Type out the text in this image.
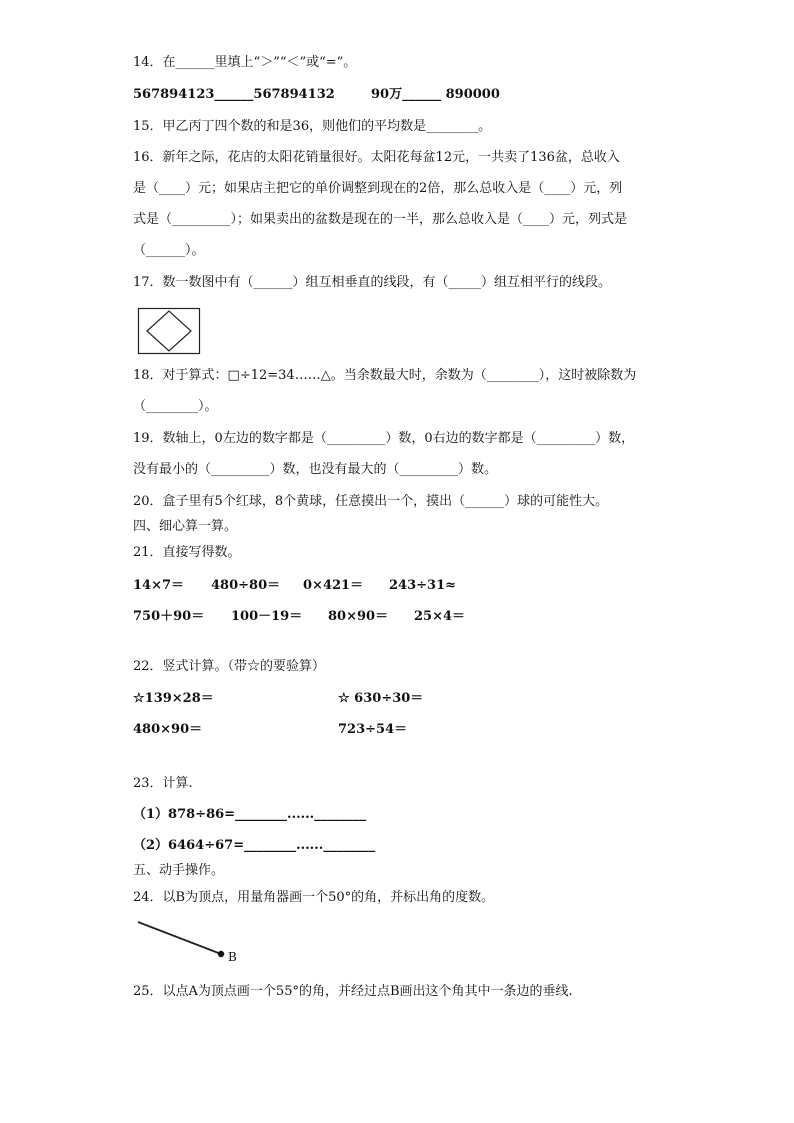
14．在______里填上“＞”“＜”或“=”。
567894123______567894132	90万______ 890000
15．甲乙丙丁四个数的和是36，则他们的平均数是________。
16．新年之际，花店的太阳花销量很好。太阳花每盆12元，一共卖了136盆，总收入
是（____）元；如果店主把它的单价调整到现在的2倍，那么总收入是（____）元，列
式是（_________）；如果卖出的盆数是现在的一半，那么总收入是（____）元，列式是
（______）。
17．数一数图中有（______）组互相垂直的线段，有（_____）组互相平行的线段。
18．对于算式：□÷12=34……△。当余数最大时，余数为（________），这时被除数为
（________）。
19．数轴上，0左边的数字都是（_________）数，0右边的数字都是（_________）数，
没有最小的（_________）数，也没有最大的（_________）数。
20．盒子里有5个红球，8个黄球，任意摸出一个，摸出（______）球的可能性大。
四、细心算一算。
21．直接写得数。
14×7＝ 480÷80＝ 0×421＝ 243÷31≈
750＋90＝ 100－19＝ 80×90＝ 25×4＝
22．竖式计算。（带☆的要验算）
☆139×28＝	☆ 630÷30＝
480×90＝	723÷54＝
23．计算.
（1）878÷86=________......________
（2）6464÷67=________......________
五、动手操作。
24．以B为顶点，用量角器画一个50°的角，并标出角的度数。
B
25．以点A为顶点画一个55°的角，并经过点B画出这个角其中一条边的垂线.
